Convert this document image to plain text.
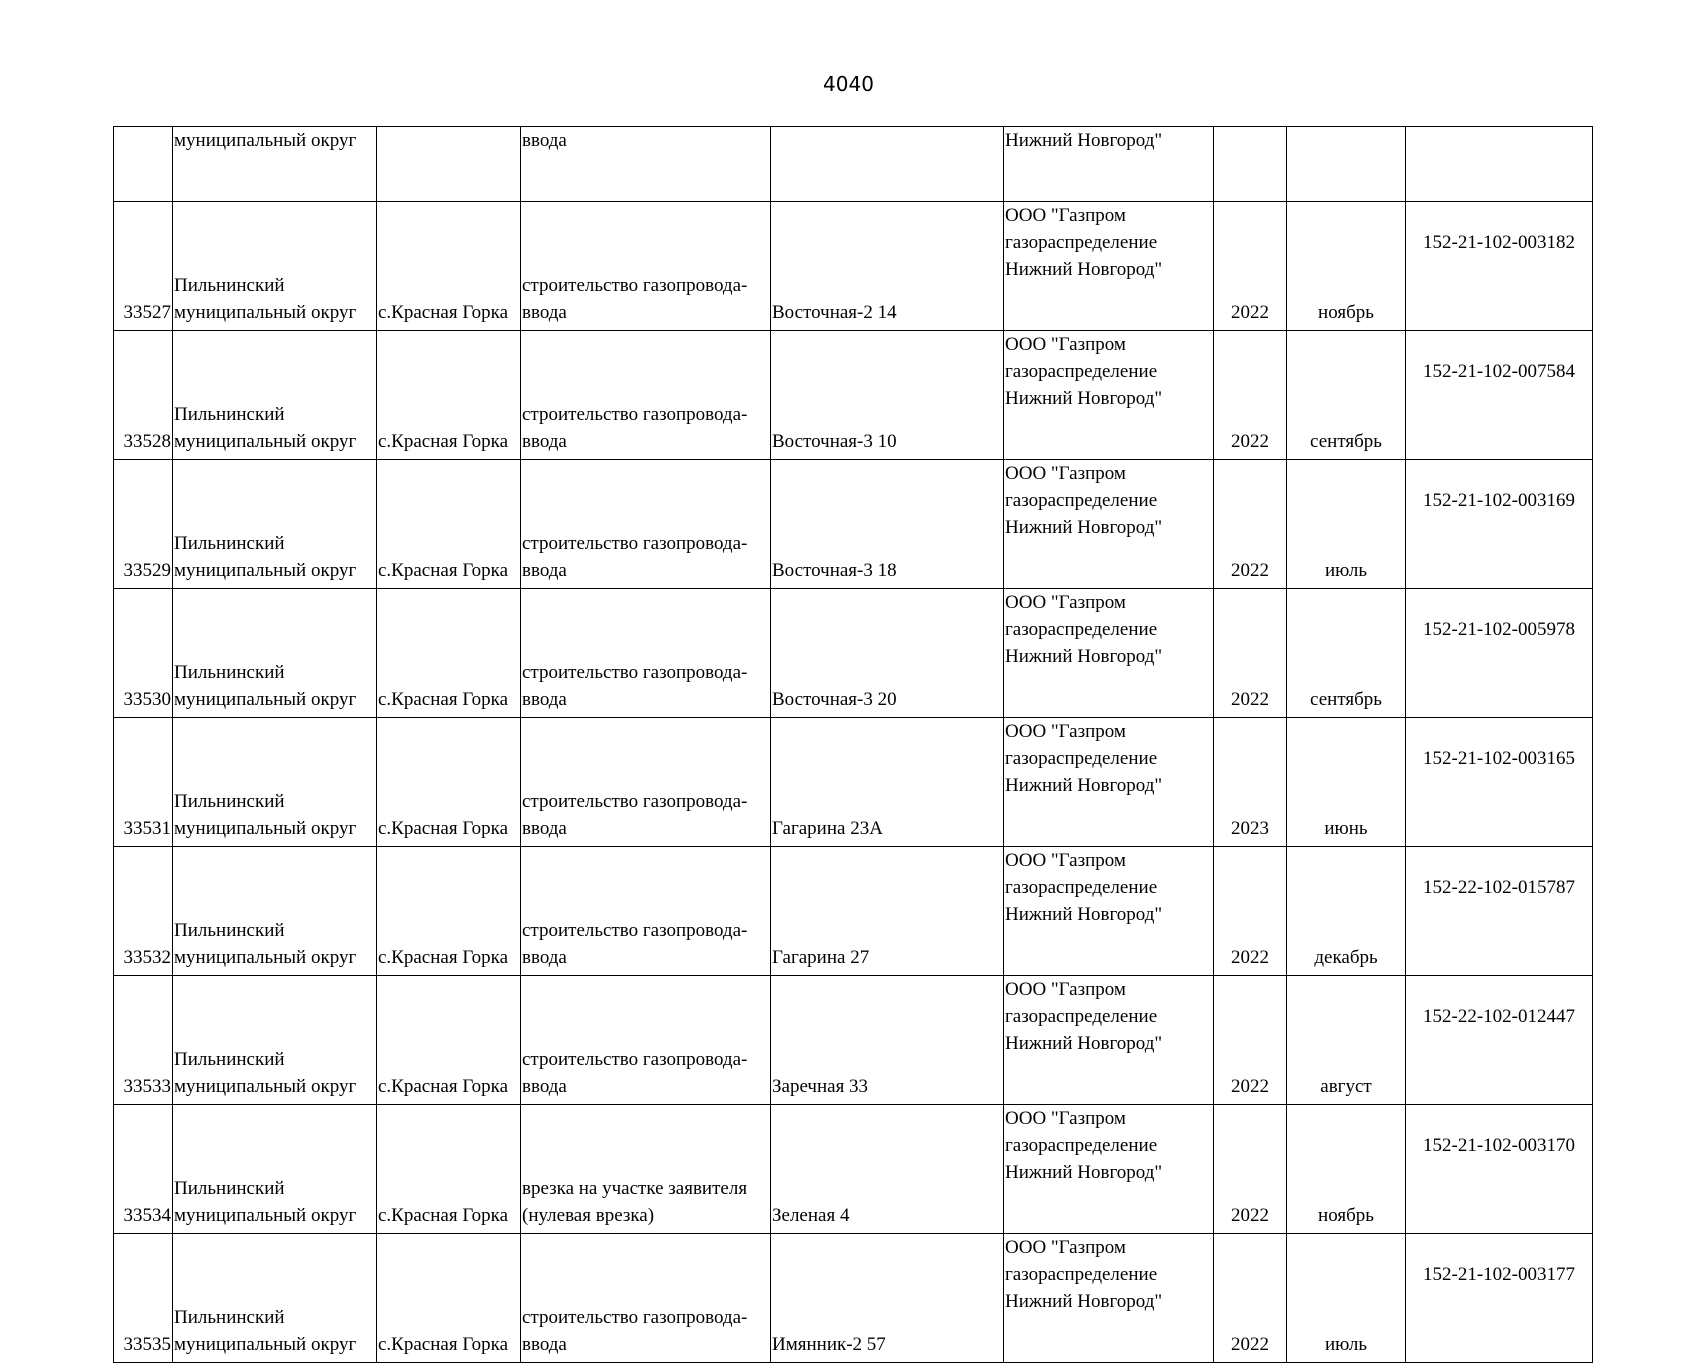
4040
	муниципальный округ		ввода		Нижний Новгород"			
33527	Пильнинский
муниципальный округ	с.Красная Горка	строительство газопровода-
ввода	Восточная-2 14	ООО "Газпром
газораспределение
Нижний Новгород"	2022	ноябрь	152-21-102-003182
33528	Пильнинский
муниципальный округ	с.Красная Горка	строительство газопровода-
ввода	Восточная-3 10	ООО "Газпром
газораспределение
Нижний Новгород"	2022	сентябрь	152-21-102-007584
33529	Пильнинский
муниципальный округ	с.Красная Горка	строительство газопровода-
ввода	Восточная-3 18	ООО "Газпром
газораспределение
Нижний Новгород"	2022	июль	152-21-102-003169
33530	Пильнинский
муниципальный округ	с.Красная Горка	строительство газопровода-
ввода	Восточная-3 20	ООО "Газпром
газораспределение
Нижний Новгород"	2022	сентябрь	152-21-102-005978
33531	Пильнинский
муниципальный округ	с.Красная Горка	строительство газопровода-
ввода	Гагарина 23А	ООО "Газпром
газораспределение
Нижний Новгород"	2023	июнь	152-21-102-003165
33532	Пильнинский
муниципальный округ	с.Красная Горка	строительство газопровода-
ввода	Гагарина 27	ООО "Газпром
газораспределение
Нижний Новгород"	2022	декабрь	152-22-102-015787
33533	Пильнинский
муниципальный округ	с.Красная Горка	строительство газопровода-
ввода	Заречная 33	ООО "Газпром
газораспределение
Нижний Новгород"	2022	август	152-22-102-012447
33534	Пильнинский
муниципальный округ	с.Красная Горка	врезка на участке заявителя
(нулевая врезка)	Зеленая 4	ООО "Газпром
газораспределение
Нижний Новгород"	2022	ноябрь	152-21-102-003170
33535	Пильнинский
муниципальный округ	с.Красная Горка	строительство газопровода-
ввода	Имянник-2 57	ООО "Газпром
газораспределение
Нижний Новгород"	2022	июль	152-21-102-003177
